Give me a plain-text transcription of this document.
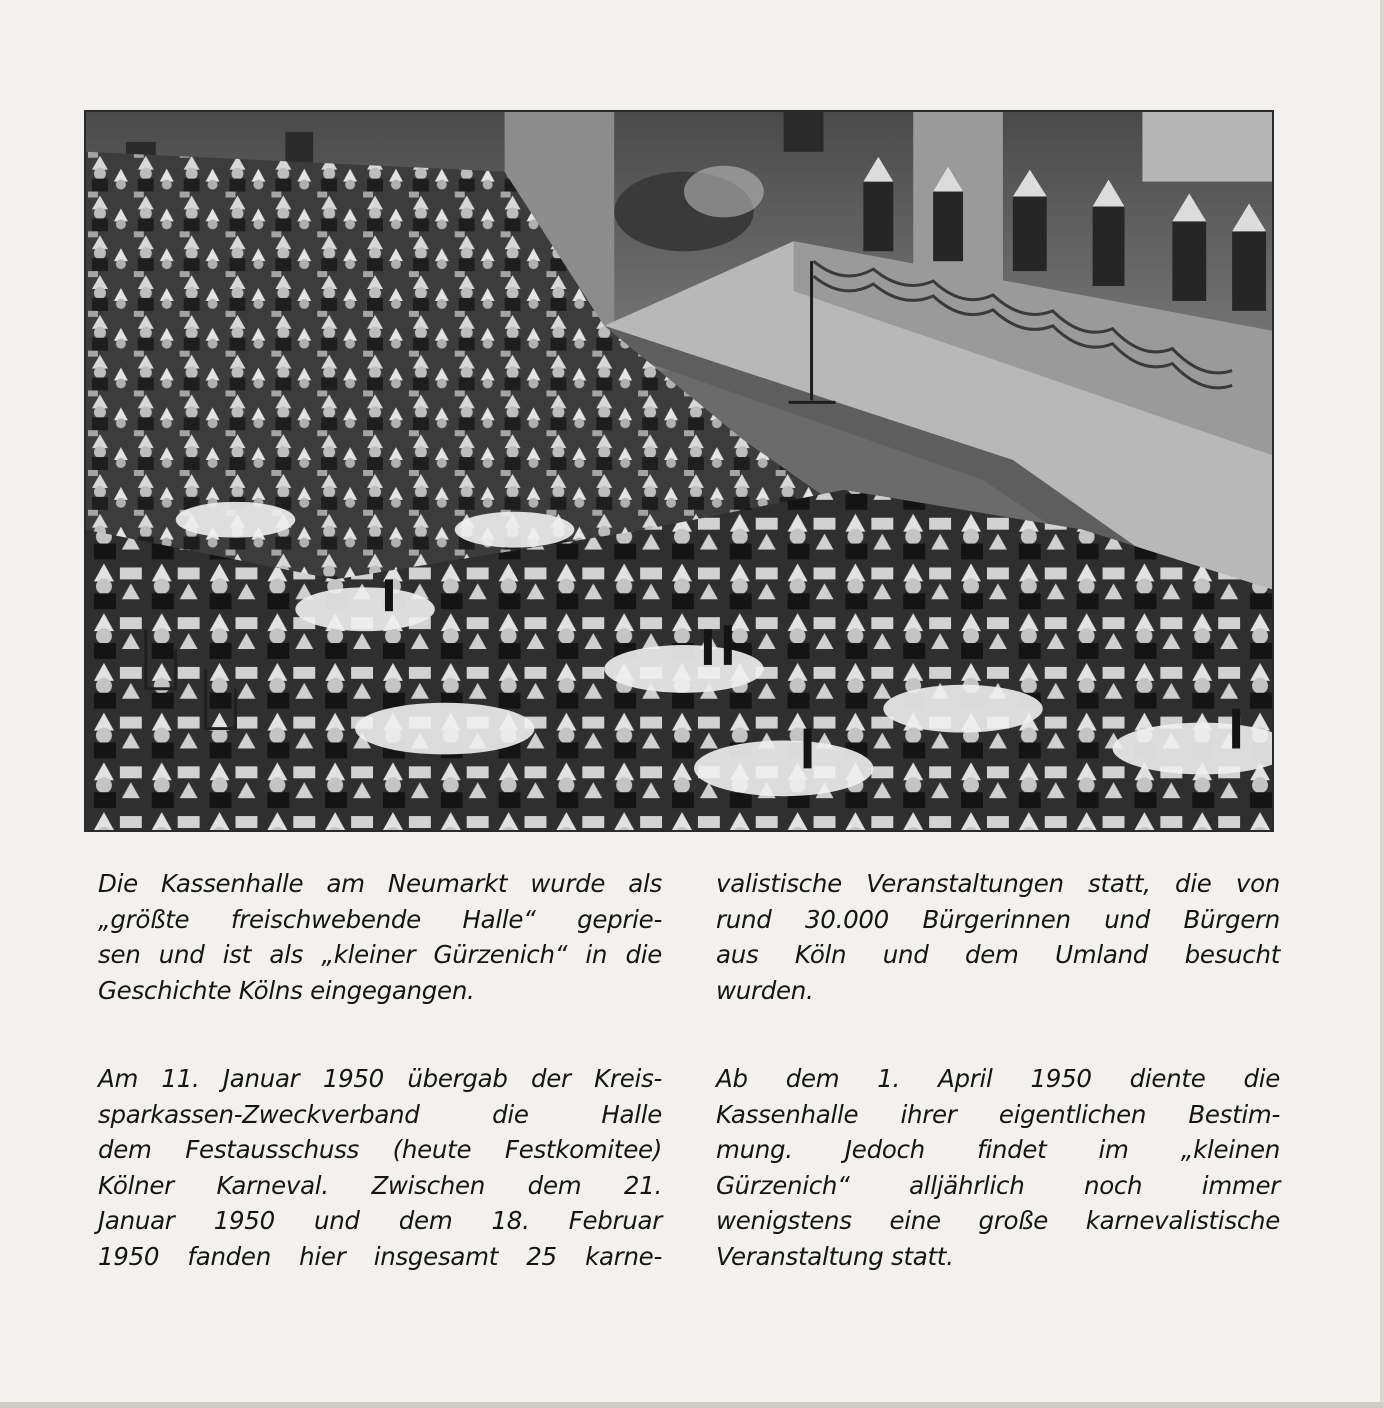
Die Kassenhalle am Neumarkt wurde als
„größte freischwebende Halle“ geprie-
sen und ist als „kleiner Gürzenich“ in die
Geschichte Kölns eingegangen.

Am 11. Januar 1950 übergab der Kreis-
sparkassen-Zweckverband die Halle
dem Festausschuss (heute Festkomitee)
Kölner Karneval. Zwischen dem 21.
Januar 1950 und dem 18. Februar
1950 fanden hier insgesamt 25 karne-

valistische Veranstaltungen statt, die von
rund 30.000 Bürgerinnen und Bürgern
aus Köln und dem Umland besucht
wurden.

Ab dem 1. April 1950 diente die
Kassenhalle ihrer eigentlichen Bestim-
mung. Jedoch findet im „kleinen
Gürzenich“ alljährlich noch immer
wenigstens eine große karnevalistische
Veranstaltung statt.
